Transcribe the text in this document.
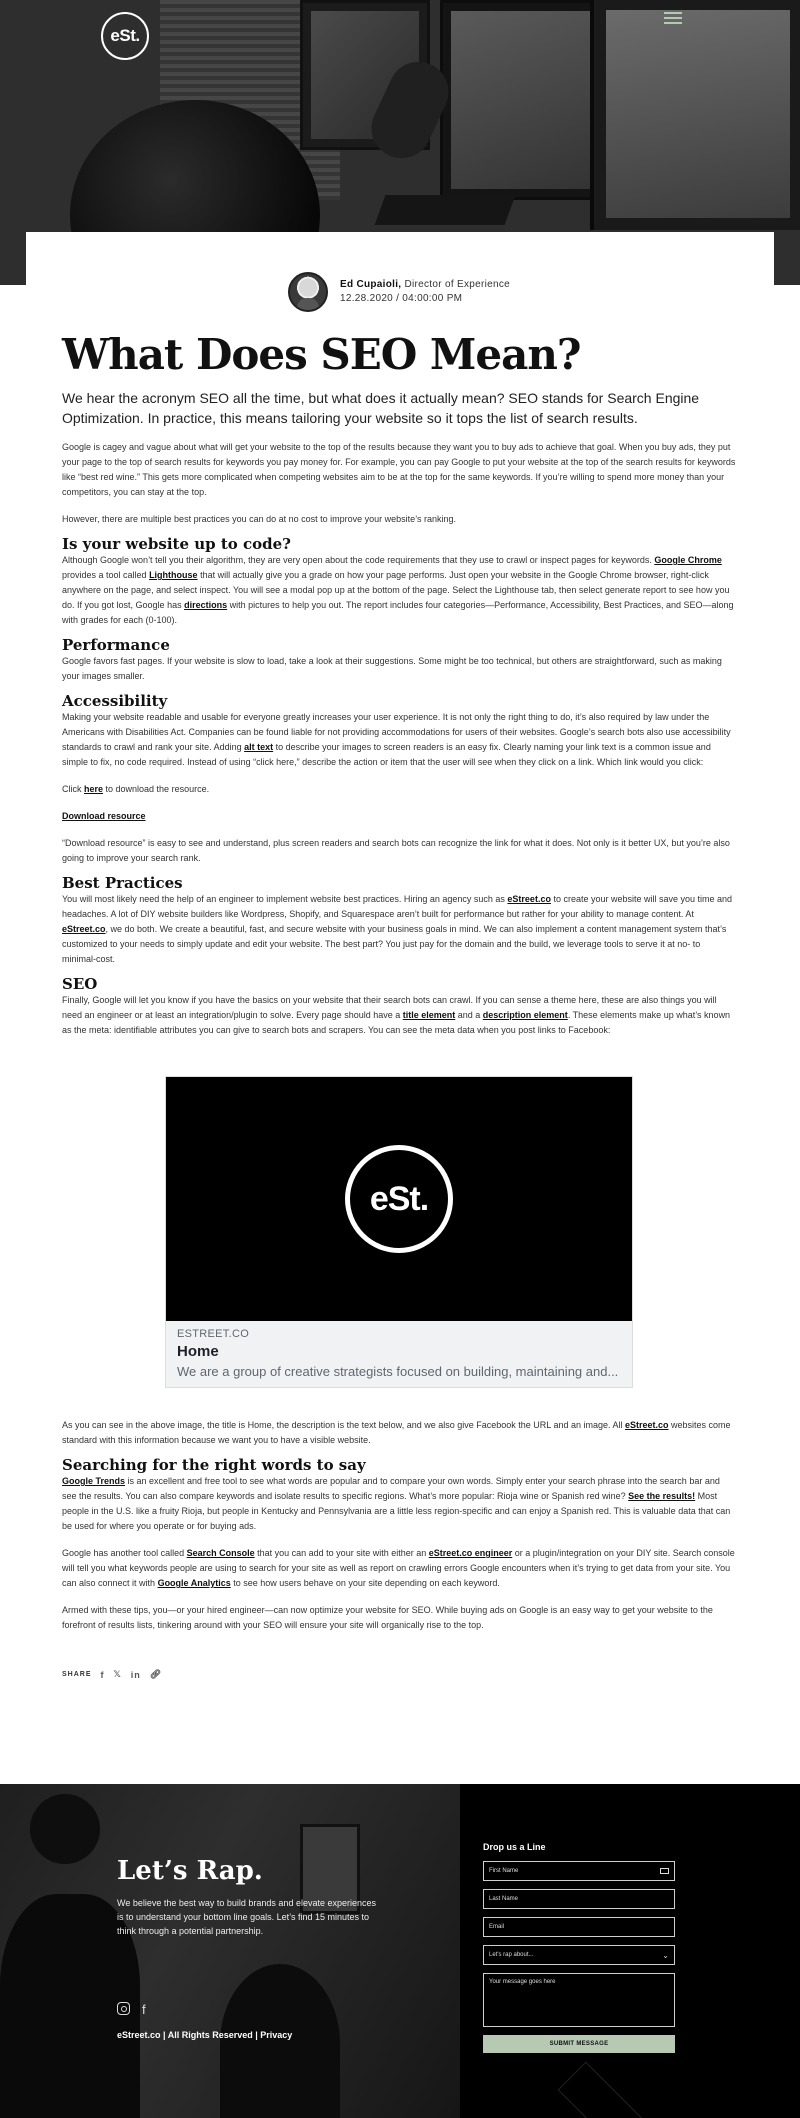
eSt.
Ed Cupaioli, Director of Experience
12.28.2020 / 04:00:00 PM
What Does SEO Mean?

We hear the acronym SEO all the time, but what does it actually mean? SEO stands for Search Engine Optimization. In practice, this means tailoring your website so it tops the list of search results.

Google is cagey and vague about what will get your website to the top of the results because they want you to buy ads to achieve that goal. When you buy ads, they put your page to the top of search results for keywords you pay money for. For example, you can pay Google to put your website at the top of the search results for keywords like “best red wine.” This gets more complicated when competing websites aim to be at the top for the same keywords. If you’re willing to spend more money than your competitors, you can stay at the top.

However, there are multiple best practices you can do at no cost to improve your website’s ranking.

Is your website up to code?

Although Google won’t tell you their algorithm, they are very open about the code requirements that they use to crawl or inspect pages for keywords. Google Chrome provides a tool called Lighthouse that will actually give you a grade on how your page performs. Just open your website in the Google Chrome browser, right-click anywhere on the page, and select inspect. You will see a modal pop up at the bottom of the page. Select the Lighthouse tab, then select generate report to see how you do. If you got lost, Google has directions with pictures to help you out. The report includes four categories—Performance, Accessibility, Best Practices, and SEO—along with grades for each (0-100).

Performance

Google favors fast pages. If your website is slow to load, take a look at their suggestions. Some might be too technical, but others are straightforward, such as making your images smaller.

Accessibility

Making your website readable and usable for everyone greatly increases your user experience. It is not only the right thing to do, it’s also required by law under the Americans with Disabilities Act. Companies can be found liable for not providing accommodations for users of their websites. Google’s search bots also use accessibility standards to crawl and rank your site. Adding alt text to describe your images to screen readers is an easy fix. Clearly naming your link text is a common issue and simple to fix, no code required. Instead of using “click here,” describe the action or item that the user will see when they click on a link. Which link would you click:

Click here to download the resource.

Download resource

“Download resource” is easy to see and understand, plus screen readers and search bots can recognize the link for what it does. Not only is it better UX, but you’re also going to improve your search rank.

Best Practices

You will most likely need the help of an engineer to implement website best practices. Hiring an agency such as eStreet.co to create your website will save you time and headaches. A lot of DIY website builders like Wordpress, Shopify, and Squarespace aren’t built for performance but rather for your ability to manage content. At eStreet.co, we do both. We create a beautiful, fast, and secure website with your business goals in mind. We can also implement a content management system that’s customized to your needs to simply update and edit your website. The best part? You just pay for the domain and the build, we leverage tools to serve it at no- to minimal-cost.

SEO

Finally, Google will let you know if you have the basics on your website that their search bots can crawl. If you can sense a theme here, these are also things you will need an engineer or at least an integration/plugin to solve. Every page should have a title element and a description element. These elements make up what’s known as the meta: identifiable attributes you can give to search bots and scrapers. You can see the meta data when you post links to Facebook:

eSt.
ESTREET.CO
Home
We are a group of creative strategists focused on building, maintaining and...

As you can see in the above image, the title is Home, the description is the text below, and we also give Facebook the URL and an image. All eStreet.co websites come standard with this information because we want you to have a visible website.

Searching for the right words to say

Google Trends is an excellent and free tool to see what words are popular and to compare your own words. Simply enter your search phrase into the search bar and see the results. You can also compare keywords and isolate results to specific regions. What’s more popular: Rioja wine or Spanish red wine? See the results! Most people in the U.S. like a fruity Rioja, but people in Kentucky and Pennsylvania are a little less region-specific and can enjoy a Spanish red. This is valuable data that can be used for where you operate or for buying ads.

Google has another tool called Search Console that you can add to your site with either an eStreet.co engineer or a plugin/integration on your DIY site. Search console will tell you what keywords people are using to search for your site as well as report on crawling errors Google encounters when it’s trying to get data from your site. You can also connect it with Google Analytics to see how users behave on your site depending on each keyword.

Armed with these tips, you—or your hired engineer—can now optimize your website for SEO. While buying ads on Google is an easy way to get your website to the forefront of results lists, tinkering around with your SEO will ensure your site will organically rise to the top.

SHARE f 𝕏 in 🔗︎
Let’s Rap.
We believe the best way to build brands and elevate experiences is to understand your bottom line goals. Let’s find 15 minutes to think through a potential partnership.
f
eStreet.co | All Rights Reserved | Privacy
Drop us a Line
First Name
Last Name
Email
Let's rap about...	⌄
Your message goes here
SUBMIT MESSAGE
